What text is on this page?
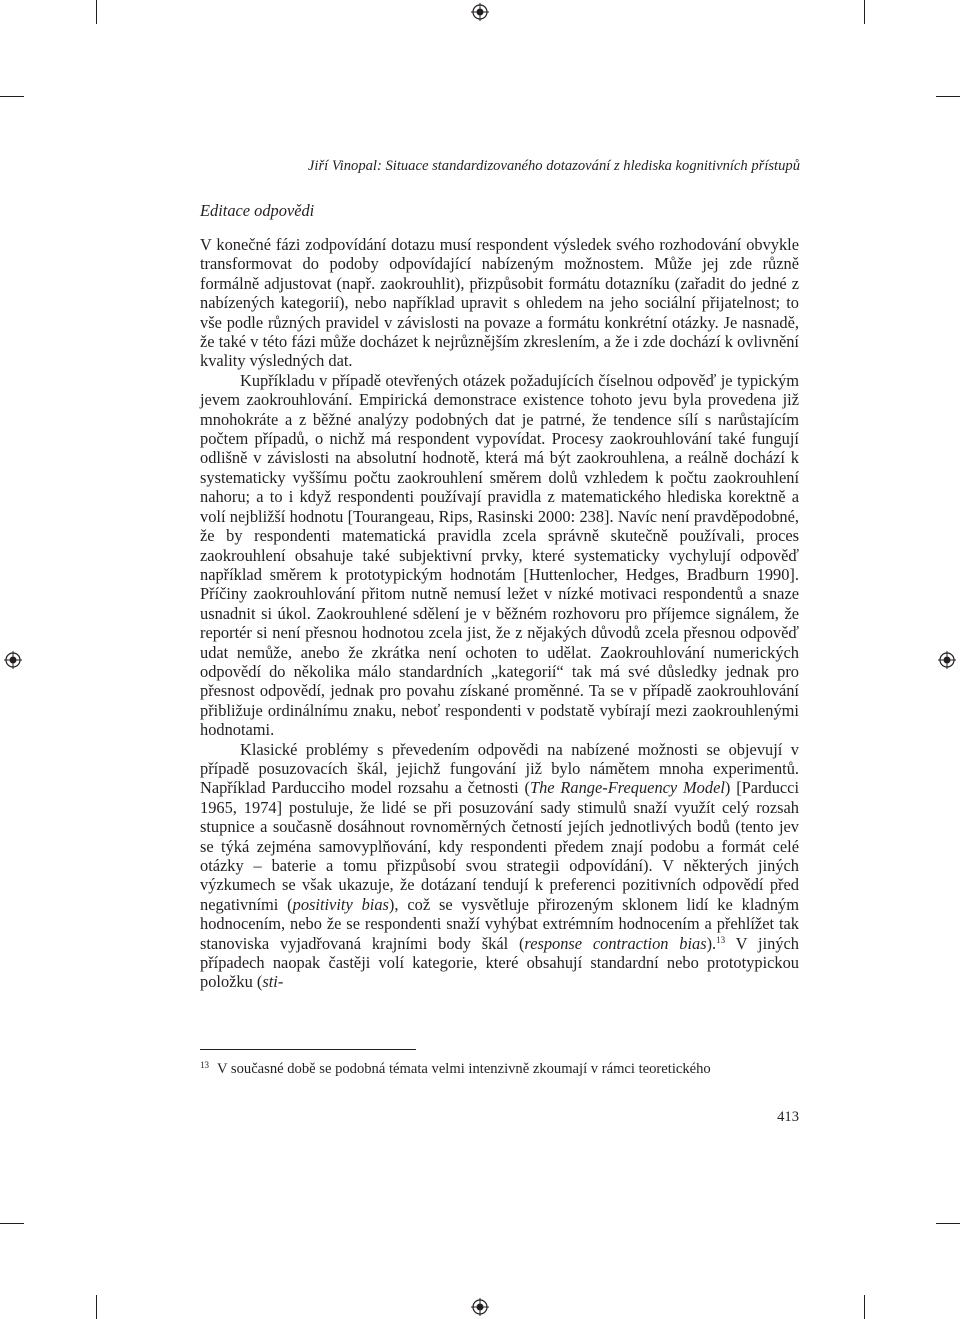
Jiří Vinopal: Situace standardizovaného dotazování z hlediska kognitivních přístupů
Editace odpovědi

V konečné fázi zodpovídání dotazu musí respondent výsledek svého rozhodování obvykle transformovat do podoby odpovídající nabízeným možnostem. Může jej zde různě formálně adjustovat (např. zaokrouhlit), přizpůsobit formátu dotazníku (zařadit do jedné z nabízených kategorií), nebo například upravit s ohledem na jeho sociální přijatelnost; to vše podle různých pravidel v závislosti na povaze a formátu konkrétní otázky. Je nasnadě, že také v této fázi může docházet k nejrůznějším zkreslením, a že i zde dochází k ovlivnění kvality výsledných dat.

Kupříkladu v případě otevřených otázek požadujících číselnou odpověď je typickým jevem zaokrouhlování. Empirická demonstrace existence tohoto jevu byla provedena již mnohokráte a z běžné analýzy podobných dat je patrné, že tendence sílí s narůstajícím počtem případů, o nichž má respondent vypovídat. Procesy zaokrouhlování také fungují odlišně v závislosti na absolutní hodnotě, která má být zaokrouhlena, a reálně dochází k systematicky vyššímu počtu zaokrouhlení směrem dolů vzhledem k počtu zaokrouhlení nahoru; a to i když respondenti používají pravidla z matematického hlediska korektně a volí nejbližší hodnotu [Tourangeau, Rips, Rasinski 2000: 238]. Navíc není pravděpodobné, že by respondenti matematická pravidla zcela správně skutečně používali, proces zaokrouhlení obsahuje také subjektivní prvky, které systematicky vychylují odpověď například směrem k prototypickým hodnotám [Huttenlocher, Hedges, Bradburn 1990]. Příčiny zaokrouhlování přitom nutně nemusí ležet v nízké motivaci respondentů a snaze usnadnit si úkol. Zaokrouhlené sdělení je v běžném rozhovoru pro příjemce signálem, že reportér si není přesnou hodnotou zcela jist, že z nějakých důvodů zcela přesnou odpověď udat nemůže, anebo že zkrátka není ochoten to udělat. Zaokrouhlování numerických odpovědí do několika málo standardních „kategorií“ tak má své důsledky jednak pro přesnost odpovědí, jednak pro povahu získané proměnné. Ta se v případě zaokrouhlování přibližuje ordinálnímu znaku, neboť respondenti v podstatě vybírají mezi zaokrouhlenými hodnotami.

Klasické problémy s převedením odpovědi na nabízené možnosti se objevují v případě posuzovacích škál, jejichž fungování již bylo námětem mnoha experimentů. Například Parducciho model rozsahu a četnosti (The Range-Frequency Model) [Parducci 1965, 1974] postuluje, že lidé se při posuzování sady stimulů snaží využít celý rozsah stupnice a současně dosáhnout rovnoměrných četností jejích jednotlivých bodů (tento jev se týká zejména samovyplňování, kdy respondenti předem znají podobu a formát celé otázky – baterie a tomu přizpůsobí svou strategii odpovídání). V některých jiných výzkumech se však ukazuje, že dotázaní tendují k preferenci pozitivních odpovědí před negativními (positivity bias), což se vysvětluje přirozeným sklonem lidí ke kladným hodnocením, nebo že se respondenti snaží vyhýbat extrémním hodnocením a přehlížet tak stanoviska vyjadřovaná krajními body škál (response contraction bias).$^{13}$ V jiných případech naopak častěji volí kategorie, které obsahují standardní nebo prototypickou položku (sti-

$^{13}$ V současné době se podobná témata velmi intenzivně zkoumají v rámci teoretického
413
